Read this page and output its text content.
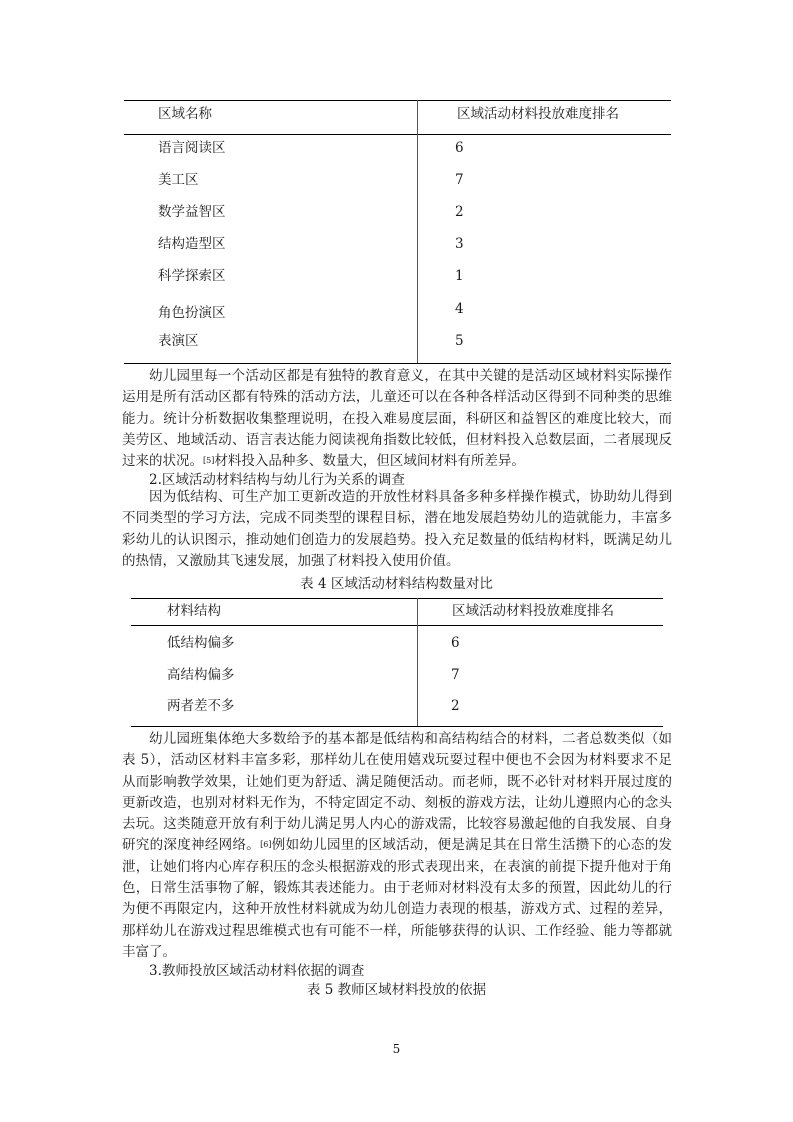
区域名称	区域活动材料投放难度排名
语言阅读区	6
美工区	7
数学益智区	2
结构造型区	3
科学探索区	1
角色扮演区	4
表演区	5
幼儿园里每一个活动区都是有独特的教育意义，在其中关键的是活动区域材料实际操作
运用是所有活动区都有特殊的活动方法，儿童还可以在各种各样活动区得到不同种类的思维
能力。统计分析数据收集整理说明，在投入难易度层面，科研区和益智区的难度比较大，而
美劳区、地域活动、语言表达能力阅读视角指数比较低，但材料投入总数层面，二者展现反
过来的状况。[5]材料投入品种多、数量大，但区域间材料有所差异。
2.区域活动材料结构与幼儿行为关系的调查
因为低结构、可生产加工更新改造的开放性材料具备多种多样操作模式，协助幼儿得到
不同类型的学习方法，完成不同类型的课程目标，潜在地发展趋势幼儿的造就能力，丰富多
彩幼儿的认识图示，推动她们创造力的发展趋势。投入充足数量的低结构材料，既满足幼儿
的热情，又激励其飞速发展，加强了材料投入使用价值。
表 4 区域活动材料结构数量对比
材料结构	区域活动材料投放难度排名
低结构偏多	6
高结构偏多	7
两者差不多	2
幼儿园班集体绝大多数给予的基本都是低结构和高结构结合的材料，二者总数类似（如
表 5），活动区材料丰富多彩，那样幼儿在使用嬉戏玩耍过程中便也不会因为材料要求不足
从而影响教学效果，让她们更为舒适、满足随便活动。而老师，既不必针对材料开展过度的
更新改造，也别对材料无作为，不特定固定不动、刻板的游戏方法，让幼儿遵照内心的念头
去玩。这类随意开放有利于幼儿满足男人内心的游戏需，比较容易激起他的自我发展、自身
研究的深度神经网络。[6]例如幼儿园里的区域活动，便是满足其在日常生活攒下的心态的发
泄，让她们将内心库存积压的念头根据游戏的形式表现出来，在表演的前提下提升他对于角
色，日常生活事物了解，锻炼其表述能力。由于老师对材料没有太多的预置，因此幼儿的行
为便不再限定内，这种开放性材料就成为幼儿创造力表现的根基，游戏方式、过程的差异，
那样幼儿在游戏过程思维模式也有可能不一样，所能够获得的认识、工作经验、能力等都就
丰富了。
3.教师投放区域活动材料依据的调查
表 5 教师区域材料投放的依据
5
